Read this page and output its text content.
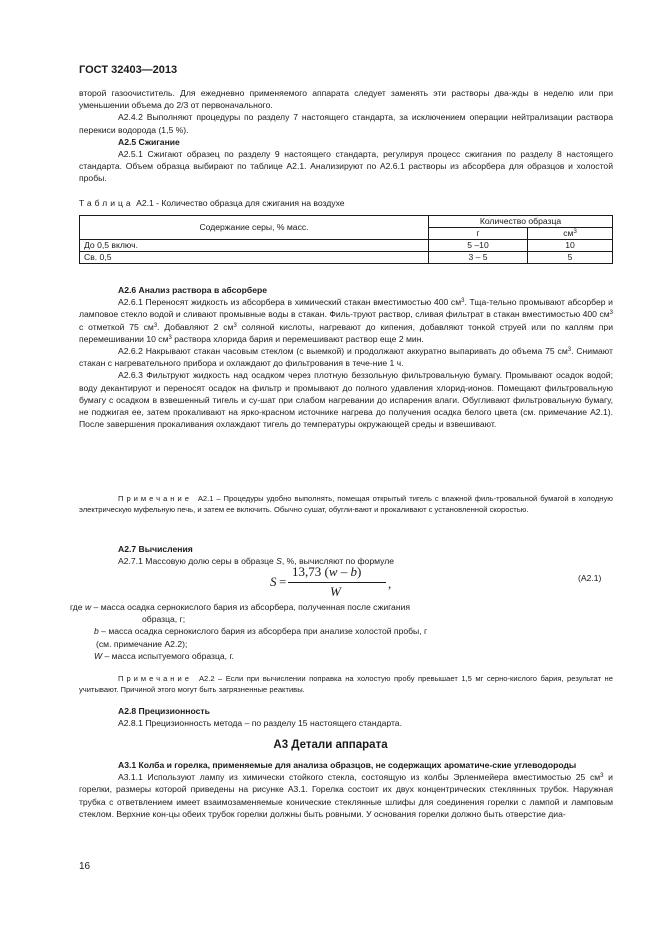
ГОСТ 32403—2013

второй газоочиститель. Для ежедневно применяемого аппарата следует заменять эти растворы два-жды в неделю или при уменьшении объема до 2/3 от первоначального.

A2.4.2 Выполняют процедуры по разделу 7 настоящего стандарта, за исключением операции нейтрализации раствора перекиси водорода (1,5 %).

A2.5 Сжигание

A2.5.1 Сжигают образец по разделу 9 настоящего стандарта, регулируя процесс сжигания по разделу 8 настоящего стандарта. Объем образца выбирают по таблице A2.1. Анализируют по A2.6.1 растворы из абсорбера для образцов и холостой пробы.

Таблица A2.1 - Количество образца для сжигания на воздухе
Содержание серы, % масс.	Количество образца	
	г	$см^3$
До 0,5 включ.	5 –10	10
Св. 0,5	3 – 5	5

A2.6 Анализ раствора в абсорбере

A2.6.1 Переносят жидкость из абсорбера в химический стакан вместимостью 400 $см^3$. Тща-тельно промывают абсорбер и ламповое стекло водой и сливают промывные воды в стакан. Филь-труют раствор, сливая фильтрат в стакан вместимостью 400 $см^3$ с отметкой 75 $см^3$. Добавляют 2 $см^3$ соляной кислоты, нагревают до кипения, добавляют тонкой струей или по каплям при перемешивании 10 $см^3$ раствора хлорида бария и перемешивают раствор еще 2 мин.

A2.6.2 Накрывают стакан часовым стеклом (с выемкой) и продолжают аккуратно выпаривать до объема 75 $см^3$. Снимают стакан с нагревательного прибора и охлаждают до фильтрования в тече-ние 1 ч.

A2.6.3 Фильтруют жидкость над осадком через плотную беззольную фильтровальную бумагу. Промывают осадок водой; воду декантируют и переносят осадок на фильтр и промывают до полного удавления хлорид-ионов. Помещают фильтровальную бумагу с осадком в взвешенный тигель и су-шат при слабом нагревании до испарения влаги. Обугливают фильтровальную бумагу, не поджигая ее, затем прокаливают на ярко-красном источнике нагрева до получения осадка белого цвета (см. примечание A2.1). После завершения прокаливания охлаждают тигель до температуры окружающей среды и взвешивают.

Примечание A2.1 – Процедуры удобно выполнять, помещая открытый тигель с влажной филь-тровальной бумагой в холодную электрическую муфельную печь, и затем ее включить. Обычно сушат, обугли-вают и прокаливают с установленной скоростью.

A2.7 Вычисления

A2.7.1 Массовую долю серы в образце S, %, вычисляют по формуле

S =
13,73 (w – b)
W
,	(A2.1)

где w – масса осадка сернокислого бария из абсорбера, полученная после сжигания

образца, г;

b – масса осадка сернокислого бария из абсорбера при анализе холостой пробы, г

(см. примечание A2.2);

W – масса испытуемого образца, г.

Примечание A2.2 – Если при вычислении поправка на холостую пробу превышает 1,5 мг серно-кислого бария, результат не учитывают. Причиной этого могут быть загрязненные реактивы.

A2.8 Прецизионность

A2.8.1 Прецизионность метода – по разделу 15 настоящего стандарта.

A3 Детали аппарата

A3.1 Колба и горелка, применяемые для анализа образцов, не содержащих ароматиче-ские углеводороды

A3.1.1 Используют лампу из химически стойкого стекла, состоящую из колбы Эрленмейера вместимостью 25 $см^3$ и горелки, размеры которой приведены на рисунке A3.1. Горелка состоит их двух концентрических стеклянных трубок. Наружная трубка с ответвлением имеет взаимозаменяемые конические стеклянные шлифы для соединения горелки с лампой и ламповым стеклом. Верхние кон-цы обеих трубок горелки должны быть ровными. У основания горелки должно быть отверстие диа-

16
